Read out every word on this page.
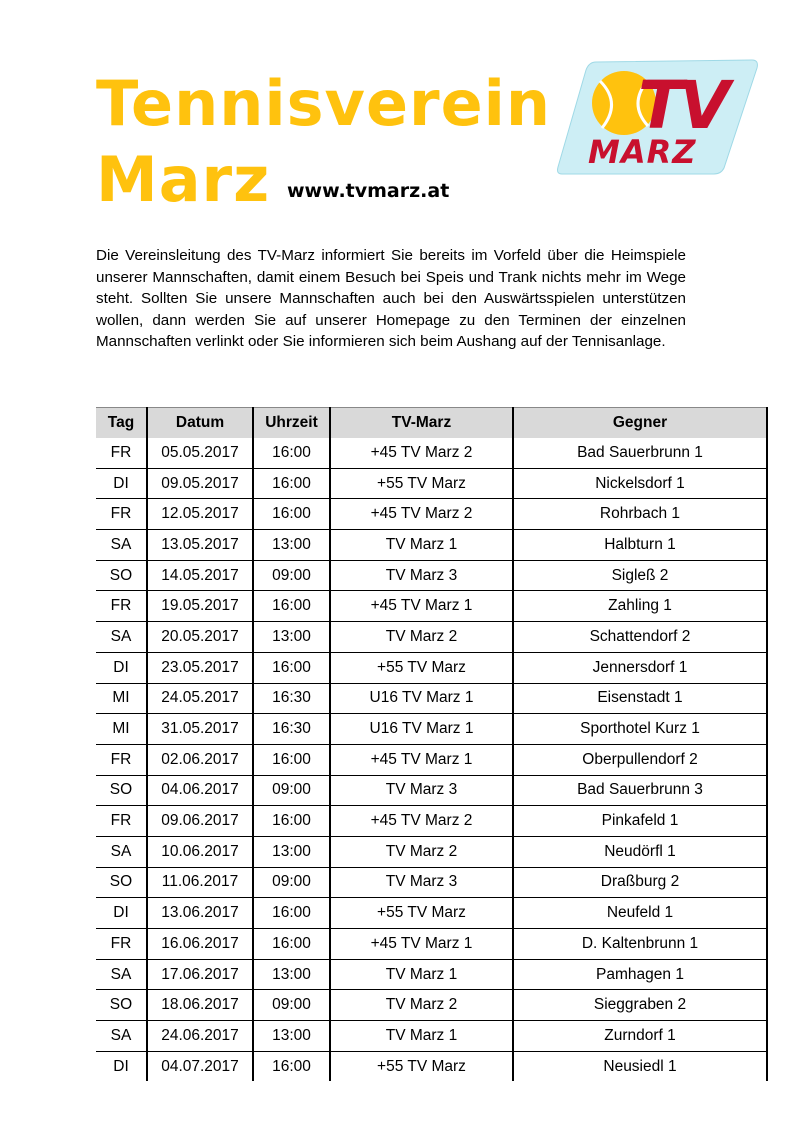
Tennisverein
Marz www.tvmarz.at
TV
MARZ

Die Vereinsleitung des TV-Marz informiert Sie bereits im Vorfeld über die Heimspiele unserer Mannschaften, damit einem Besuch bei Speis und Trank nichts mehr im Wege steht. Sollten Sie unsere Mannschaften auch bei den Auswärtsspielen unterstützen wollen, dann werden Sie auf unserer Homepage zu den Terminen der einzelnen Mannschaften verlinkt oder Sie informieren sich beim Aushang auf der Tennisanlage.

Tag	Datum	Uhrzeit	TV-Marz	Gegner
FR	05.05.2017	16:00	+45 TV Marz 2	Bad Sauerbrunn 1
DI	09.05.2017	16:00	+55 TV Marz	Nickelsdorf 1
FR	12.05.2017	16:00	+45 TV Marz 2	Rohrbach 1
SA	13.05.2017	13:00	TV Marz 1	Halbturn 1
SO	14.05.2017	09:00	TV Marz 3	Sigleß 2
FR	19.05.2017	16:00	+45 TV Marz 1	Zahling 1
SA	20.05.2017	13:00	TV Marz 2	Schattendorf 2
DI	23.05.2017	16:00	+55 TV Marz	Jennersdorf 1
MI	24.05.2017	16:30	U16 TV Marz 1	Eisenstadt 1
MI	31.05.2017	16:30	U16 TV Marz 1	Sporthotel Kurz 1
FR	02.06.2017	16:00	+45 TV Marz 1	Oberpullendorf 2
SO	04.06.2017	09:00	TV Marz 3	Bad Sauerbrunn 3
FR	09.06.2017	16:00	+45 TV Marz 2	Pinkafeld 1
SA	10.06.2017	13:00	TV Marz 2	Neudörfl 1
SO	11.06.2017	09:00	TV Marz 3	Draßburg 2
DI	13.06.2017	16:00	+55 TV Marz	Neufeld 1
FR	16.06.2017	16:00	+45 TV Marz 1	D. Kaltenbrunn 1
SA	17.06.2017	13:00	TV Marz 1	Pamhagen 1
SO	18.06.2017	09:00	TV Marz 2	Sieggraben 2
SA	24.06.2017	13:00	TV Marz 1	Zurndorf 1
DI	04.07.2017	16:00	+55 TV Marz	Neusiedl 1
